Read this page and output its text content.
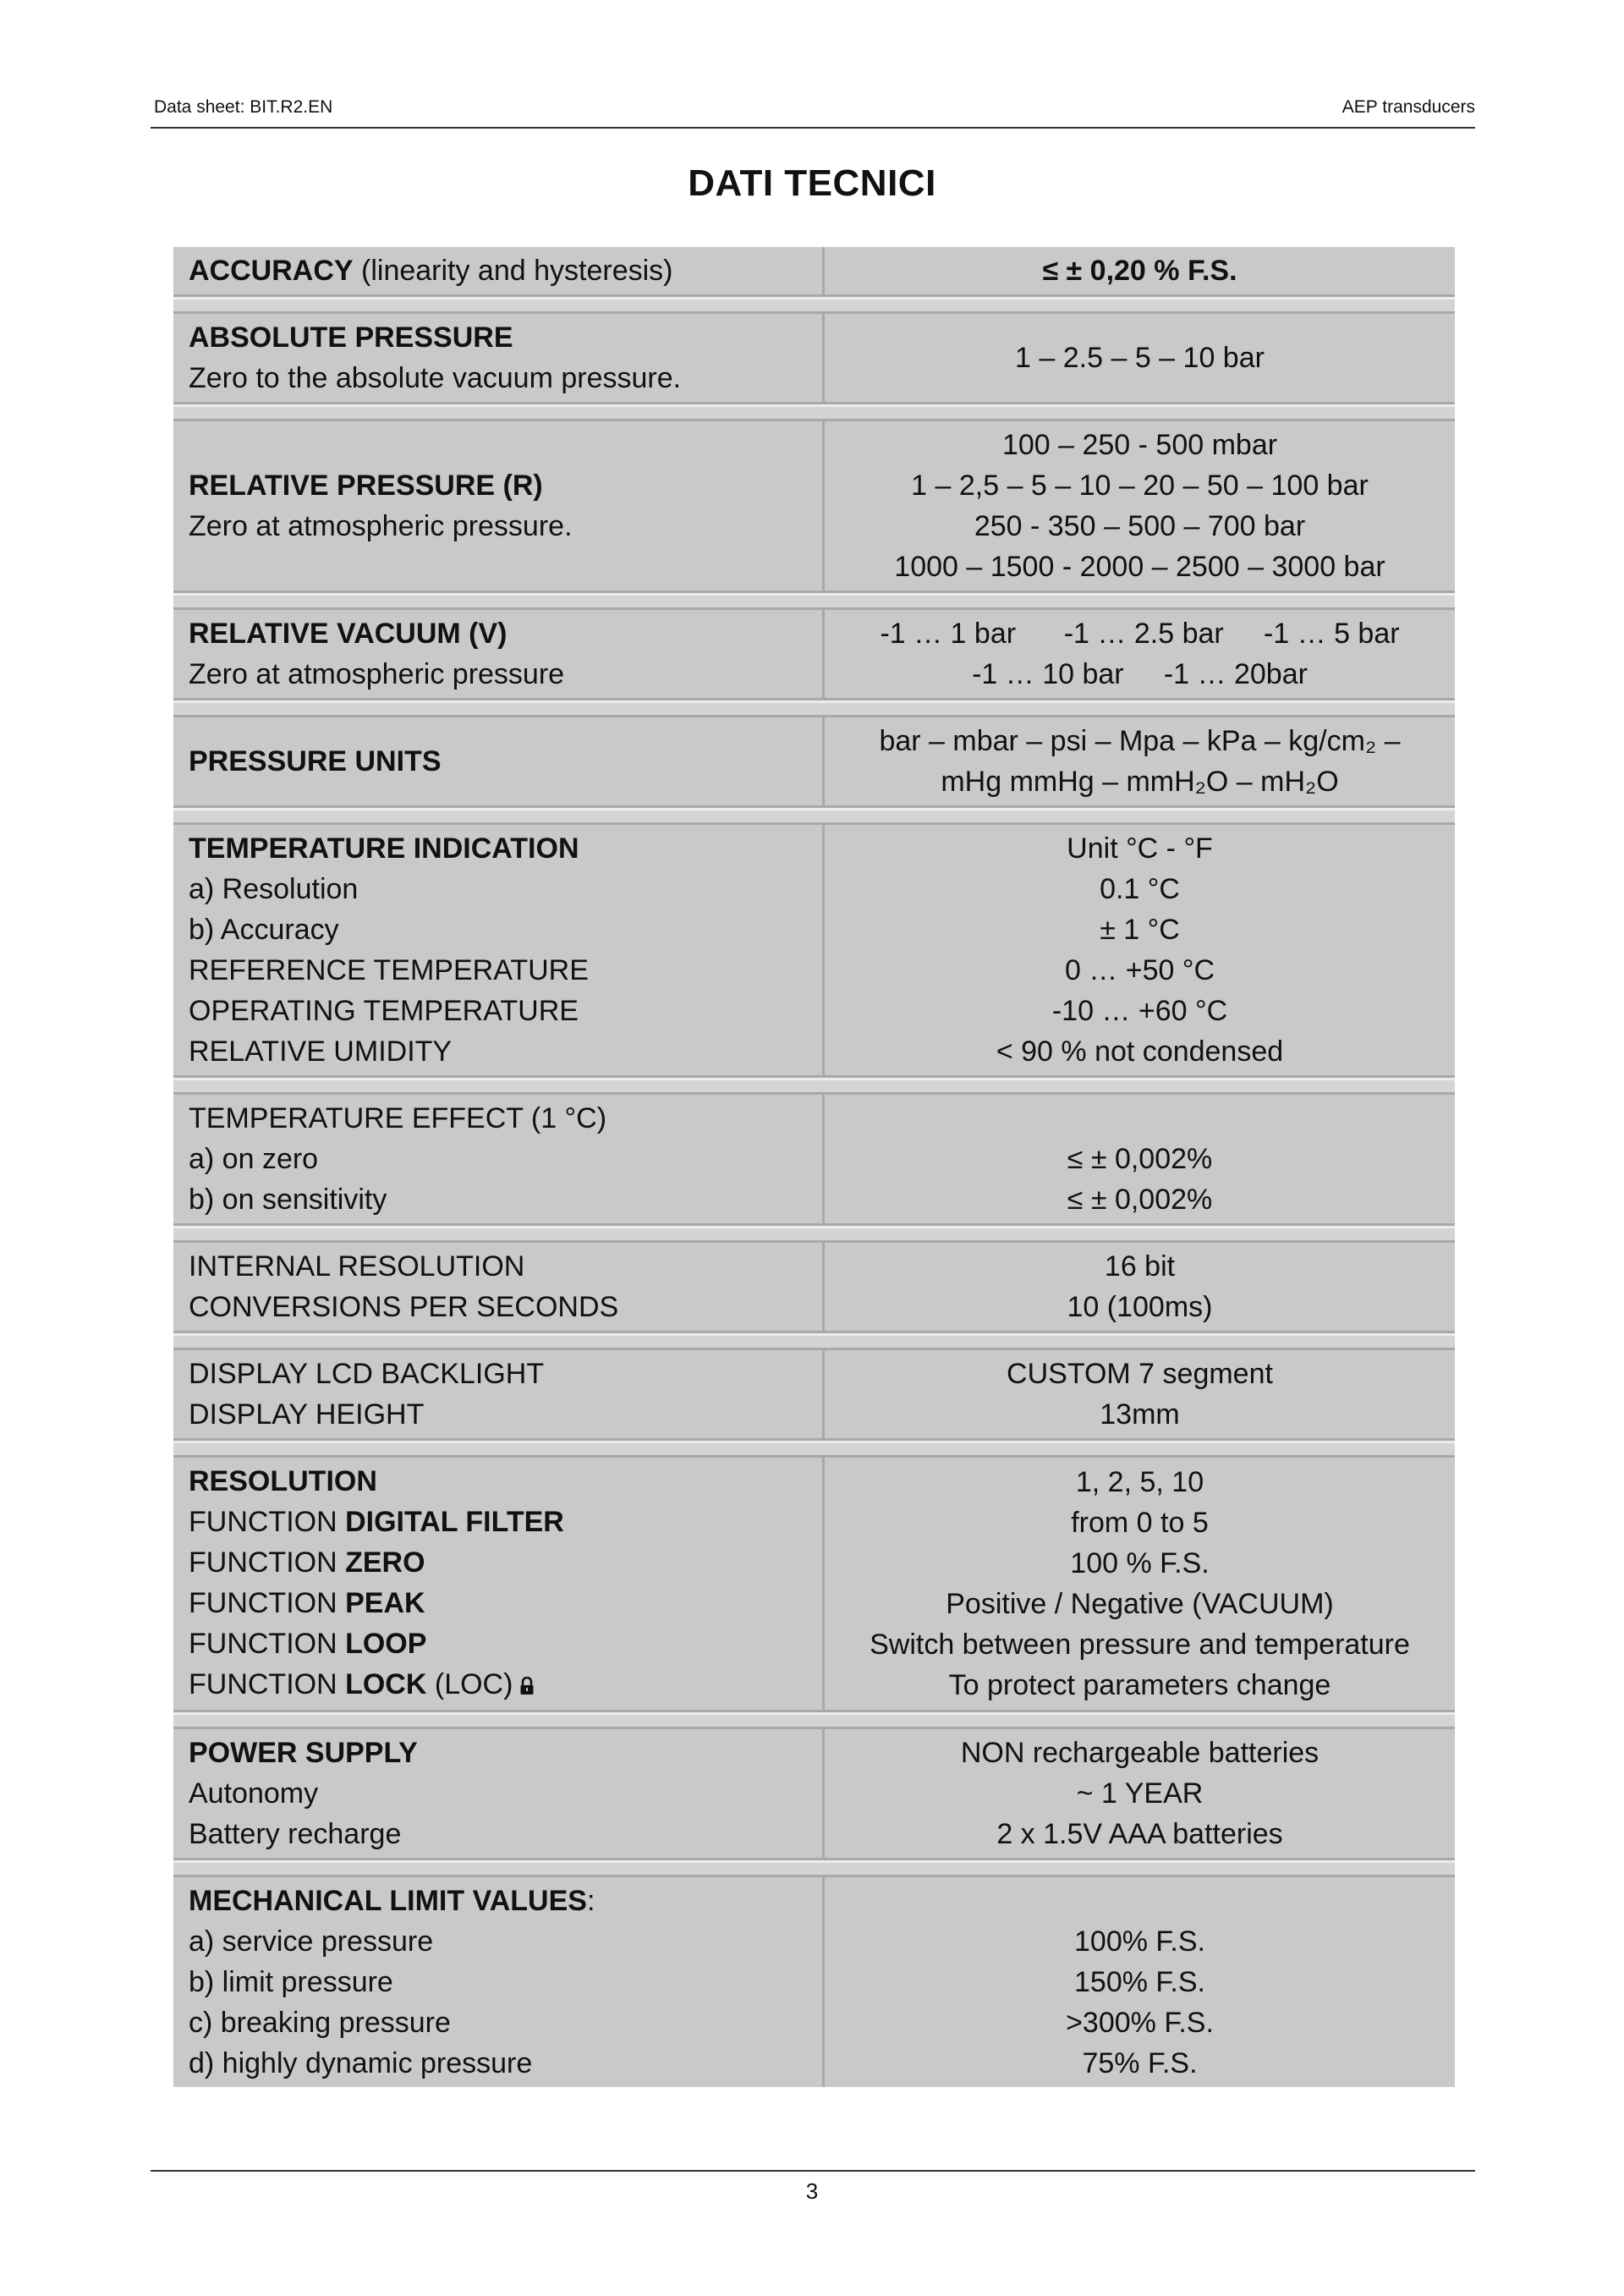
Data sheet: BIT.R2.EN	AEP transducers
DATI TECNICI
ACCURACY (linearity and hysteresis)	≤ ± 0,20 % F.S.
ABSOLUTE PRESSURE
Zero to the absolute vacuum pressure.
1 – 2.5 – 5 – 10 bar
RELATIVE PRESSURE (R)
Zero at atmospheric pressure.
100 – 250 - 500 mbar
1 – 2,5 – 5 – 10 – 20 – 50 – 100 bar
250 - 350 – 500 – 700 bar
1000 – 1500 - 2000 – 2500 – 3000 bar
RELATIVE VACUUM (V)
Zero at atmospheric pressure
-1 … 1 bar      -1 … 2.5 bar     -1 … 5 bar
-1 … 10 bar     -1 … 20bar
PRESSURE UNITS
bar – mbar – psi – Mpa – kPa – kg/cm₂ –
mHg mmHg – mmH₂O – mH₂O
TEMPERATURE INDICATION
a) Resolution
b) Accuracy
REFERENCE TEMPERATURE
OPERATING TEMPERATURE
RELATIVE UMIDITY
Unit °C - °F
0.1 °C
± 1 °C
0 … +50 °C
-10 … +60 °C
< 90 % not condensed
TEMPERATURE EFFECT (1 °C)
a) on zero
b) on sensitivity

≤ ± 0,002%
≤ ± 0,002%
INTERNAL RESOLUTION
CONVERSIONS PER SECONDS
16 bit
10 (100ms)
DISPLAY LCD BACKLIGHT
DISPLAY HEIGHT
CUSTOM 7 segment
13mm
RESOLUTION
FUNCTION DIGITAL FILTER
FUNCTION ZERO
FUNCTION PEAK
FUNCTION LOOP
FUNCTION LOCK (LOC)
1, 2, 5, 10
from 0 to 5
100 % F.S.
Positive / Negative (VACUUM)
Switch between pressure and temperature
To protect parameters change
POWER SUPPLY
Autonomy
Battery recharge
NON rechargeable batteries
~ 1 YEAR
2 x 1.5V AAA batteries
MECHANICAL LIMIT VALUES:
a) service pressure
b) limit pressure
c) breaking pressure
d) highly dynamic pressure

100% F.S.
150% F.S.
>300% F.S.
75% F.S.
3
